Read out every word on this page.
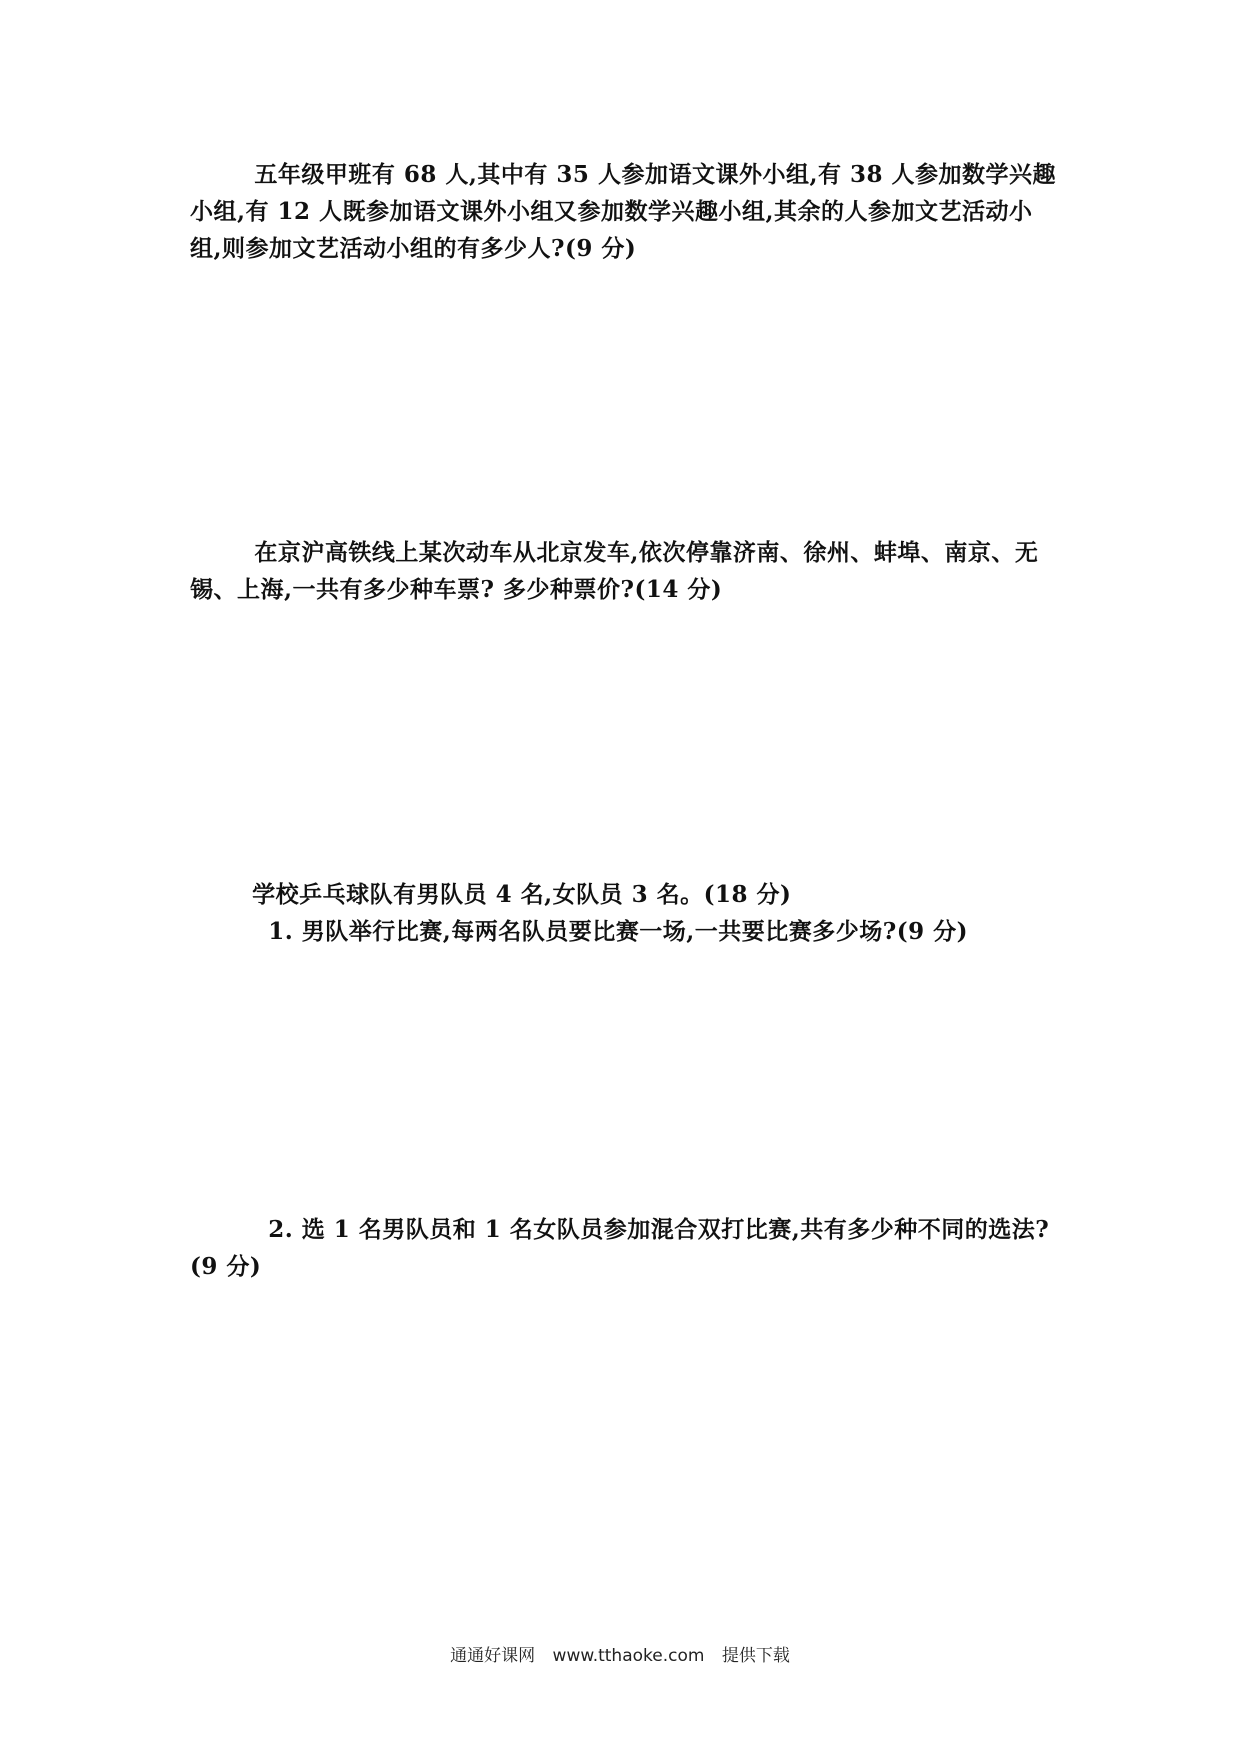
五年级甲班有 68 人,其中有 35 人参加语文课外小组,有 38 人参加数学兴趣小组,有 12 人既参加语文课外小组又参加数学兴趣小组,其余的人参加文艺活动小组,则参加文艺活动小组的有多少人?(9 分)

在京沪高铁线上某次动车从北京发车,依次停靠济南、徐州、蚌埠、南京、无锡、上海,一共有多少种车票? 多少种票价?(14 分)

学校乒乓球队有男队员 4 名,女队员 3 名。(18 分)

1. 男队举行比赛,每两名队员要比赛一场,一共要比赛多少场?(9 分)

2. 选 1 名男队员和 1 名女队员参加混合双打比赛,共有多少种不同的选法?(9 分)
通通好课网 www.tthaoke.com 提供下载
